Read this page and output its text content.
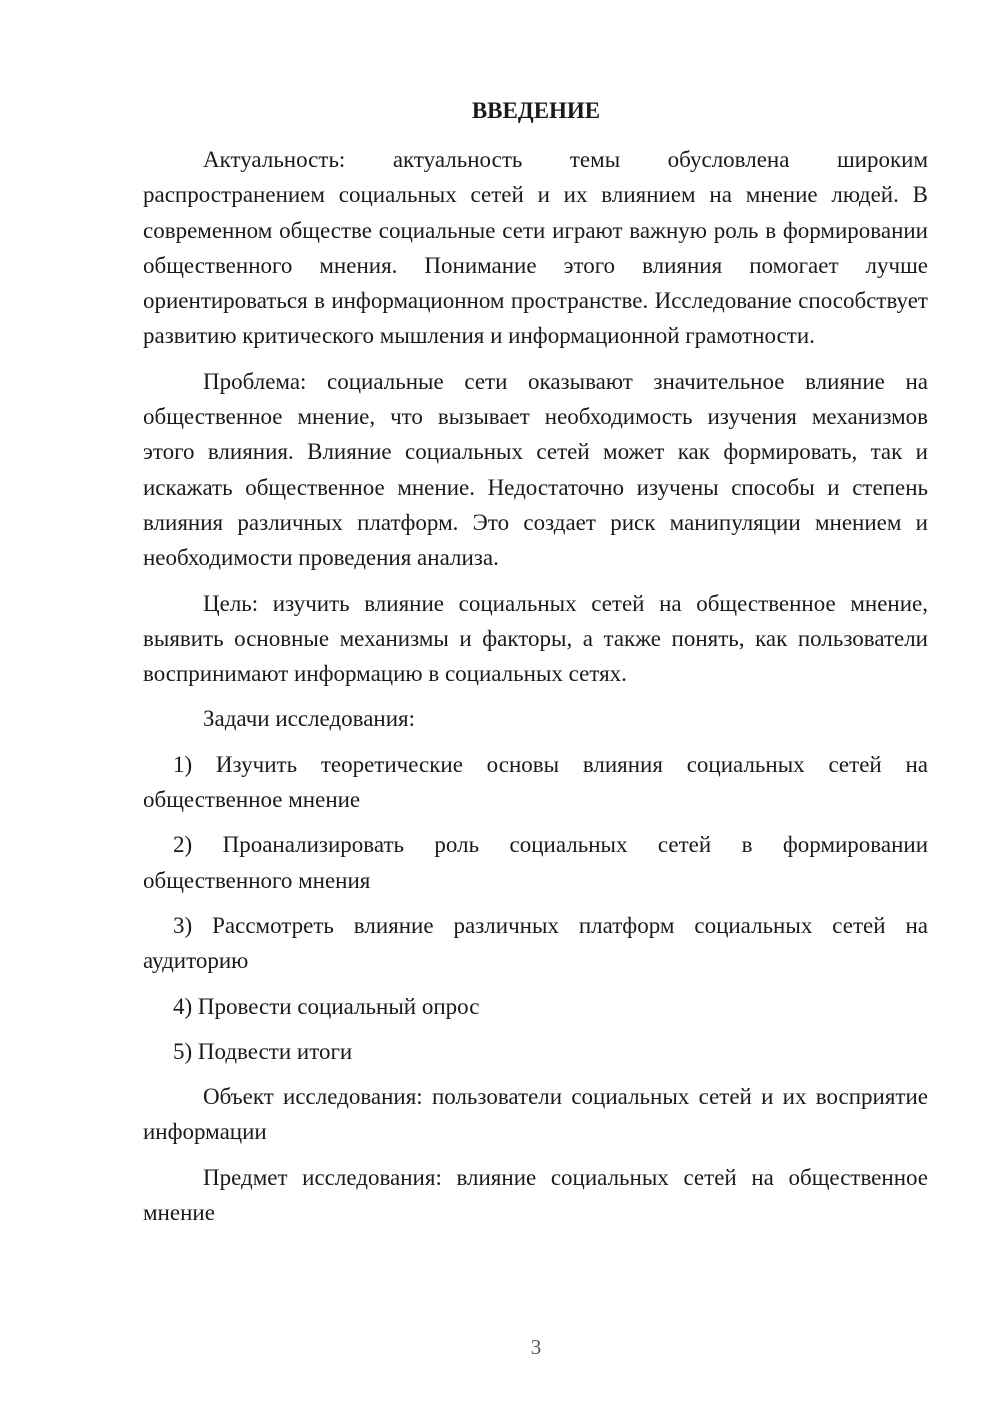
ВВЕДЕНИЕ

Актуальность: актуальность темы обусловлена широким распространением социальных сетей и их влиянием на мнение людей. В современном обществе социальные сети играют важную роль в формировании общественного мнения. Понимание этого влияния помогает лучше ориентироваться в информационном пространстве. Исследование способствует развитию критического мышления и информационной грамотности.

Проблема: социальные сети оказывают значительное влияние на общественное мнение, что вызывает необходимость изучения механизмов этого влияния. Влияние социальных сетей может как формировать, так и искажать общественное мнение. Недостаточно изучены способы и степень влияния различных платформ. Это создает риск манипуляции мнением и необходимости проведения анализа.

Цель: изучить влияние социальных сетей на общественное мнение, выявить основные механизмы и факторы, а также понять, как пользователи воспринимают информацию в социальных сетях.

Задачи исследования:

1) Изучить теоретические основы влияния социальных сетей на общественное мнение

2) Проанализировать роль социальных сетей в формировании общественного мнения

3) Рассмотреть влияние различных платформ социальных сетей на аудиторию

4) Провести социальный опрос

5) Подвести итоги

Объект исследования: пользователи социальных сетей и их восприятие информации

Предмет исследования: влияние социальных сетей на общественное мнение

3
